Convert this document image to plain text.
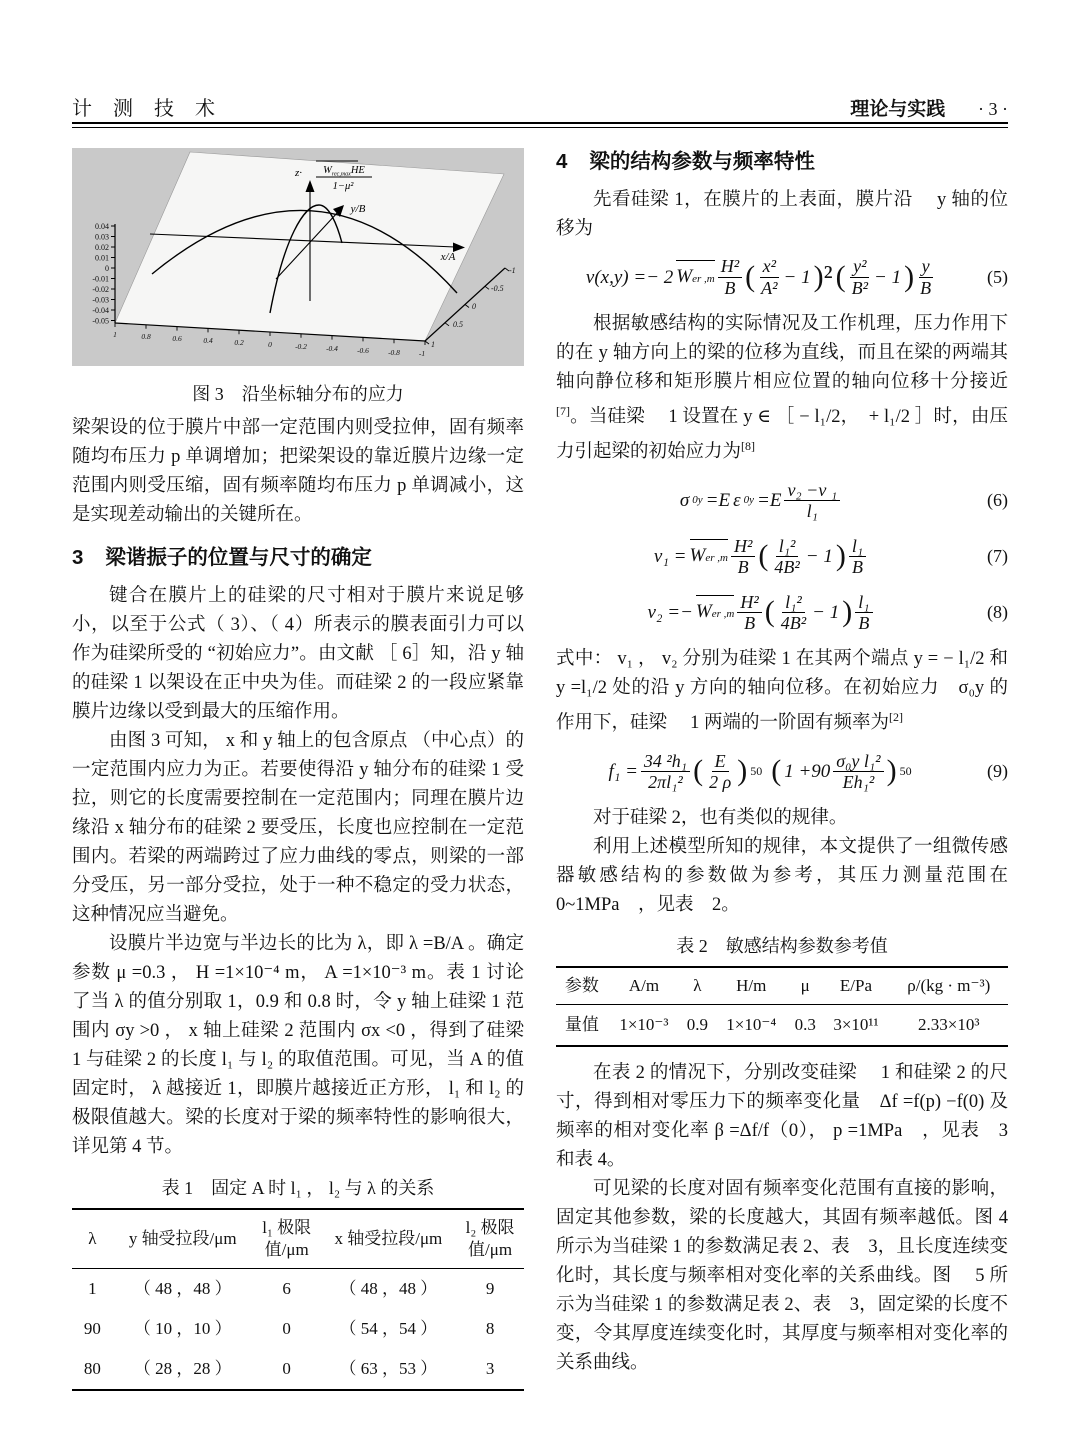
计 测 技 术	理论与实践 · 3 ·
0.04
0.03
0.02
0.01
0
-0.01
-0.02
-0.03
-0.04
-0.05
1	0.8	0.6	0.4	0.2	0	-0.2	-0.4	-0.6	-0.8	-1
-1
-0.5
0
0.5
1
x/A
y/B
$z\cdot W_{rec,max}HE$
1−μ²
图 3　沿坐标轴分布的应力

梁架设的位于膜片中部一定范围内则受拉伸，固有频率随均布压力 p 单调增加；把梁架设的靠近膜片边缘一定范围内则受压缩，固有频率随均布压力 p 单调减小，这是实现差动输出的关键所在。

3 梁谐振子的位置与尺寸的确定

键合在膜片上的硅梁的尺寸相对于膜片来说足够小，以至于公式（ 3）、（ 4）所表示的膜表面引力可以作为硅梁所受的 “初始应力”。由文献 ［ 6］知，沿 y 轴的硅梁 1 以架设在正中央为佳。而硅梁 2 的一段应紧靠膜片边缘以受到最大的压缩作用。

由图 3 可知， x 和 y 轴上的包含原点 （中心点）的一定范围内应力为正。若要使得沿 y 轴分布的硅梁 1 受拉，则它的长度需要控制在一定范围内；同理在膜片边缘沿 x 轴分布的硅梁 2 要受压，长度也应控制在一定范围内。若梁的两端跨过了应力曲线的零点，则梁的一部分受压，另一部分受拉，处于一种不稳定的受力状态，这种情况应当避免。

设膜片半边宽与半边长的比为 λ，即 λ =B/A 。确定参数 μ =0.3 ， H =1×10⁻⁴ m， A =1×10⁻³ m。表 1 讨论了当 λ 的值分别取 1，0.9 和 0.8 时，令 y 轴上硅梁 1 范围内 σy >0 ， x 轴上硅梁 2 范围内 σx <0 ，得到了硅梁 1 与硅梁 2 的长度 l₁ 与 l₂ 的取值范围。可见，当 A 的值固定时， λ 越接近 1，即膜片越接近正方形， l₁ 和 l₂ 的极限值越大。梁的长度对于梁的频率特性的影响很大，详见第 4 节。

表 1　固定 A 时 l₁ ， l₂ 与 λ 的关系
λ	y 轴受拉段/μm	l₁ 极限值/μm	x 轴受拉段/μm	l₂ 极限值/μm
1	（ 48 ，48 ）	6	（ 48 ，48 ）	9
90	（ 10 ，10 ）	0	（ 54 ，54 ）	8
80	（ 28 ，28 ）	0	（ 63 ，53 ）	3
4 梁的结构参数与频率特性

先看硅梁 1，在膜片的上表面，膜片沿　 y 轴的位移为

v(x,y) =− 2 Wer $,m \frac{\text{H²}}{B}$ ( $\frac{\text{x²}}{\text{A²}} - 1$ )² ( $\frac{\text{y²}}{\text{B²}} - 1$ ) $\frac{y}{B}$	(5)

根据敏感结构的实际情况及工作机理，压力作用下的在 y 轴方向上的梁的位移为直线，而且在梁的两端其轴向静位移和矩形膜片相应位置的轴向位移十分接近[7]。当硅梁　 1 设置在 y ∈ ［ − l₁/2，　+ l₁/2 ］时，由压力引起梁的初始应力为[8]

σ 0y =E ε $0y =E \frac{\text{v₂ −v ₁}}{\text{l₁}}$	(6)
v₁ = Wer $,m \frac{\text{H²}}{B}$ ( $\frac{\text{l₁²}}{\text{4B²}} - 1$ ) $\frac{\text{l₁}}{B}$	(7)
v₂ =− Wer $,m \frac{\text{H²}}{B}$ ( $\frac{\text{l₁²}}{\text{4B²}} - 1$ ) $\frac{\text{l₁}}{B}$	(8)

式中： v₁ ， v₂ 分别为硅梁 1 在其两个端点 y = − l₁/2 和 y =l₁/2 处的沿 y 方向的轴向位移。在初始应力　σ₀y 的作用下，硅梁　 1 两端的一阶固有频率为[2]

$f_1 = \frac{\text{34 ²h₁}}{\text{2πl₁²}}$ ( $\frac{E}{2 \rho}$ ) 50 ( $1 +90 \frac{\text{σ₀y l₁²}}{\text{Eh₁²}}$ ) 50	(9)

对于硅梁 2，也有类似的规律。

利用上述模型所知的规律，本文提供了一组微传感器敏感结构的参数做为参考，其压力测量范围在　0~1MPa　，见表　2。

表 2　敏感结构参数参考值
参数	A/m	λ	H/m	μ	E/Pa	ρ/(kg · m⁻³)
量值	1×10⁻³	0.9	1×10⁻⁴	0.3	3×10¹¹	2.33×10³

在表 2 的情况下，分别改变硅梁　 1 和硅梁 2 的尺寸，得到相对零压力下的频率变化量　Δf =f(p) −f(0) 及频率的相对变化率 β =Δf/f（0）， p =1MPa　，见表　3 和表 4。

可见梁的长度对固有频率变化范围有直接的影响，固定其他参数，梁的长度越大，其固有频率越低。图 4 所示为当硅梁 1 的参数满足表 2、表　3，且长度连续变化时，其长度与频率相对变化率的关系曲线。图　 5 所示为当硅梁 1 的参数满足表 2、表　3，固定梁的长度不变，令其厚度连续变化时，其厚度与频率相对变化率的关系曲线。
